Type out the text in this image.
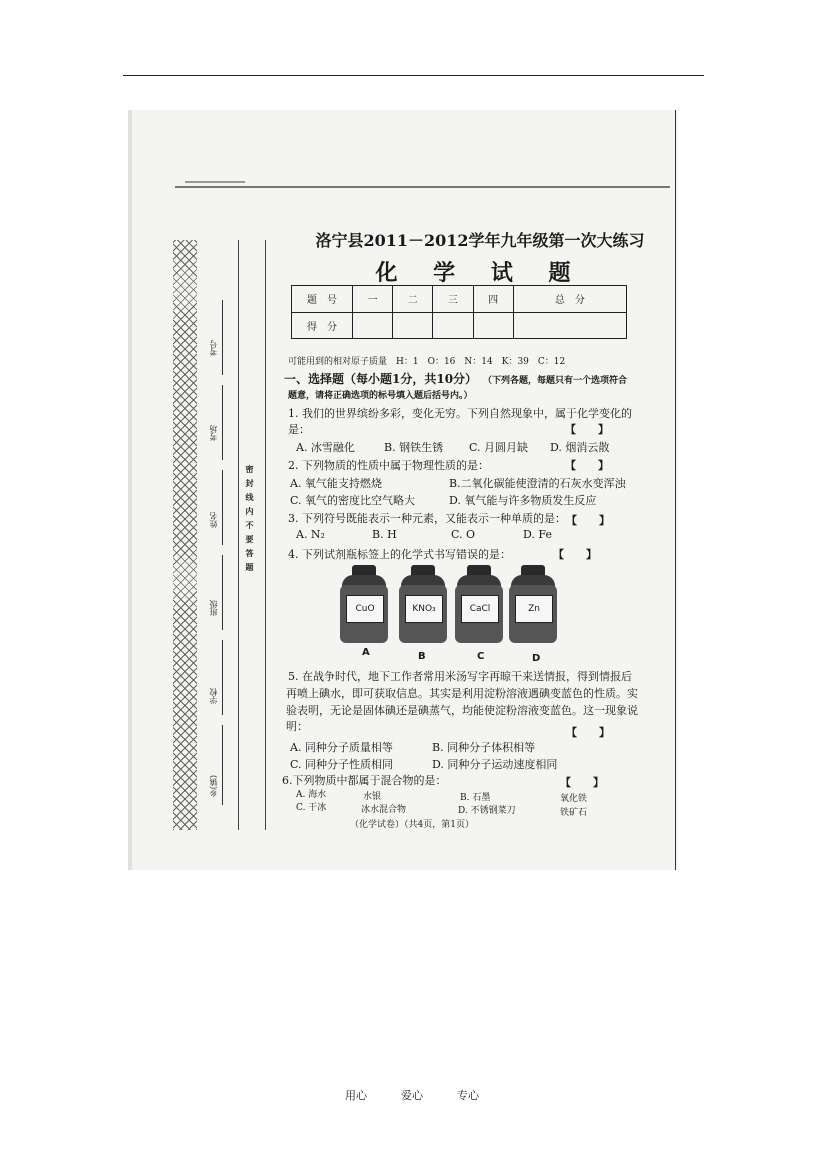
考号
考场
姓名
班级
学校
乡(镇)
密封线内不要答题
洛宁县2011－2012学年九年级第一次大练习
化 学 试 题
题　号	一	二	三	四	总　分
得　分					
可能用到的相对原子质量　H：1　O：16　N：14　K：39　C：12
一、选择题（每小题1分，共10分） （下列各题，每题只有一个选项符合
题意，请将正确选项的标号填入题后括号内。）
1. 我们的世界缤纷多彩，变化无穷。下列自然现象中，属于化学变化的
是：	【　　】
A. 冰雪融化	B. 钢铁生锈 C. 月圆月缺 D. 烟消云散
2. 下列物质的性质中属于物理性质的是：	【　　】
A. 氧气能支持燃烧	B.二氧化碳能使澄清的石灰水变浑浊
C. 氧气的密度比空气略大	D. 氧气能与许多物质发生反应
3. 下列符号既能表示一种元素，又能表示一种单质的是： 【　　】
A. N₂	B. H	C. O	D. Fe
4. 下列试剂瓶标签上的化学式书写错误的是：	【　　】
CuO	KNO₃	CaCl	Zn
A	B	C	D
5. 在战争时代，地下工作者常用米汤写字再晾干来送情报，得到情报后
再喷上碘水，即可获取信息。其实是利用淀粉溶液遇碘变蓝色的性质。实
验表明，无论是固体碘还是碘蒸气，均能使淀粉溶液变蓝色。这一现象说
明：	【　　】
A. 同种分子质量相等	B. 同种分子体积相等
C. 同种分子性质相同	D. 同种分子运动速度相同
6.下列物质中都属于混合物的是：	【　　】
A. 海水	水银	B. 石墨	氧化铁
C. 干冰	冰水混合物	D. 不锈钢菜刀	铁矿石
（化学试卷）（共4页，第1页）
用心	爱心	专心
